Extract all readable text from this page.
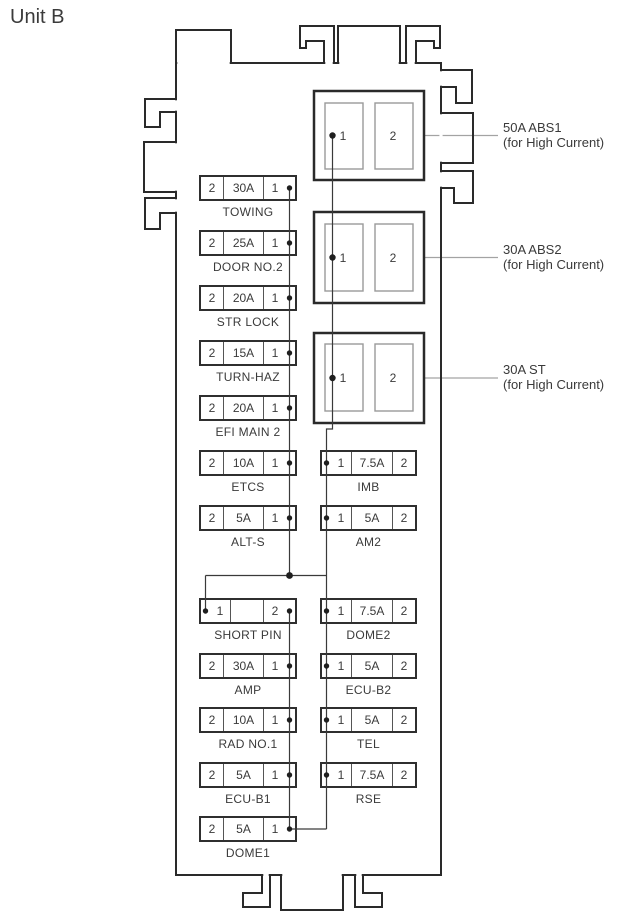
Unit B
2	30A	1
TOWING
2	25A	1
DOOR NO.2
2	20A	1
STR LOCK
2	15A	1
TURN-HAZ
2	20A	1
EFI MAIN 2
2	10A	1
ETCS
2	5A	1
ALT-S
1	2
SHORT PIN
2	30A	1
AMP
2	10A	1
RAD NO.1
2	5A	1
ECU-B1
2	5A	1
DOME1
1	7.5A	2
IMB
1	5A	2
AM2
1	7.5A	2
DOME2
1	5A	2
ECU-B2
1	5A	2
TEL
1	7.5A	2
RSE
1	2
1	2
1	2
50A ABS1
(for High Current)
30A ABS2
(for High Current)
30A ST
(for High Current)
